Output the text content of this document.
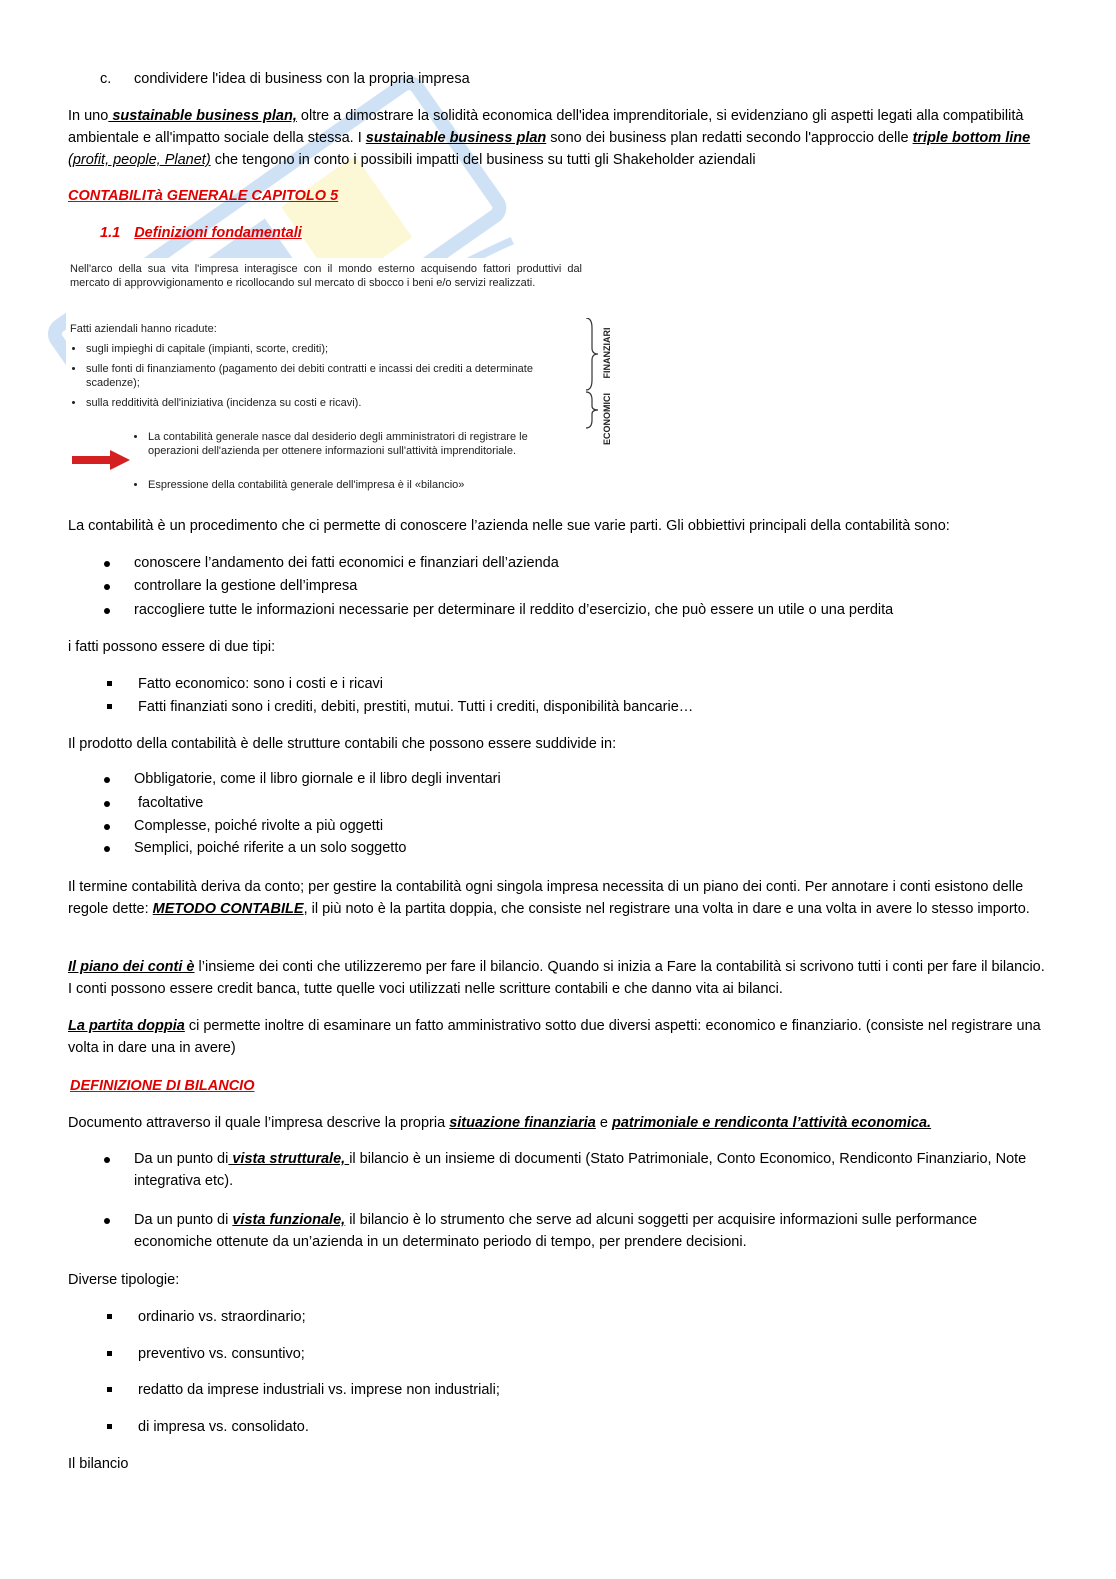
c. condividere l'idea di business con la propria impresa

In uno sustainable business plan, oltre a dimostrare la solidità economica dell'idea imprenditoriale, si evidenziano gli aspetti legati alla compatibilità ambientale e all'impatto sociale della stessa. I sustainable business plan sono dei business plan redatti secondo l'approccio delle triple bottom line (profit, people, Planet) che tengono in conto i possibili impatti del business su tutti gli Shakeholder aziendali

CONTABILITà GENERALE CAPITOLO 5
1.1 Definizioni fondamentali
Nell'arco della sua vita l'impresa interagisce con il mondo esterno acquisendo fattori produttivi dal mercato di approvvigionamento e ricollocando sul mercato di sbocco i beni e/o servizi realizzati.
Fatti aziendali hanno ricadute:
sugli impieghi di capitale (impianti, scorte, crediti);
sulle fonti di finanziamento (pagamento dei debiti contratti e incassi dei crediti a determinate scadenze);
sulla redditività dell'iniziativa (incidenza su costi e ricavi).
FINANZIARI
ECONOMICI
La contabilità generale nasce dal desiderio degli amministratori di registrare le operazioni dell'azienda per ottenere informazioni sull'attività imprenditoriale.
Espressione della contabilità generale dell'impresa è il «bilancio»

La contabilità è un procedimento che ci permette di conoscere l’azienda nelle sue varie parti. Gli obbiettivi principali della contabilità sono:

conoscere l’andamento dei fatti economici e finanziari dell’azienda
controllare la gestione dell’impresa
raccogliere tutte le informazioni necessarie per determinare il reddito d’esercizio, che può essere un utile o una perdita

i fatti possono essere di due tipi:

Fatto economico: sono i costi e i ricavi
Fatti finanziati sono i crediti, debiti, prestiti, mutui. Tutti i crediti, disponibilità bancarie…

Il prodotto della contabilità è delle strutture contabili che possono essere suddivide in:

Obbligatorie, come il libro giornale e il libro degli inventari
facoltative
Complesse, poiché rivolte a più oggetti
Semplici, poiché riferite a un solo soggetto

Il termine contabilità deriva da conto; per gestire la contabilità ogni singola impresa necessita di un piano dei conti. Per annotare i conti esistono delle regole dette: METODO CONTABILE, il più noto è la partita doppia, che consiste nel registrare una volta in dare e una volta in avere lo stesso importo.

Il piano dei conti è l’insieme dei conti che utilizzeremo per fare il bilancio. Quando si inizia a Fare la contabilità si scrivono tutti i conti per fare il bilancio. I conti possono essere credit banca, tutte quelle voci utilizzati nelle scritture contabili e che danno vita ai bilanci.

La partita doppia ci permette inoltre di esaminare un fatto amministrativo sotto due diversi aspetti: economico e finanziario. (consiste nel registrare una volta in dare una in avere)

DEFINIZIONE DI BILANCIO

Documento attraverso il quale l’impresa descrive la propria situazione finanziaria e patrimoniale e rendiconta l’attività economica.

Da un punto di vista strutturale, il bilancio è un insieme di documenti (Stato Patrimoniale, Conto Economico, Rendiconto Finanziario, Note integrativa etc).
Da un punto di vista funzionale, il bilancio è lo strumento che serve ad alcuni soggetti per acquisire informazioni sulle performance economiche ottenute da un’azienda in un determinato periodo di tempo, per prendere decisioni.

Diverse tipologie:

ordinario vs. straordinario;
preventivo vs. consuntivo;
redatto da imprese industriali vs. imprese non industriali;
di impresa vs. consolidato.

Il bilancio
